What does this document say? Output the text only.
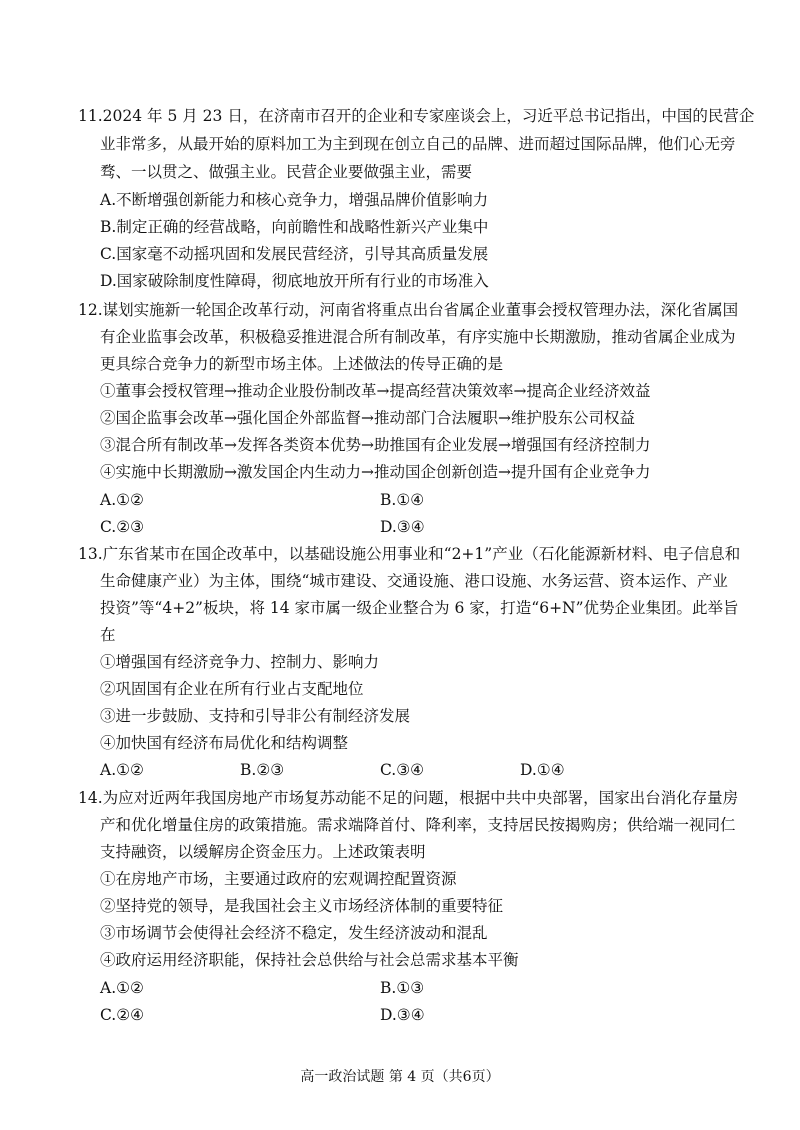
11.2024 年 5 月 23 日，在济南市召开的企业和专家座谈会上，习近平总书记指出，中国的民营企
业非常多，从最开始的原料加工为主到现在创立自己的品牌、进而超过国际品牌，他们心无旁
骛、一以贯之、做强主业。民营企业要做强主业，需要
A.不断增强创新能力和核心竞争力，增强品牌价值影响力
B.制定正确的经营战略，向前瞻性和战略性新兴产业集中
C.国家毫不动摇巩固和发展民营经济，引导其高质量发展
D.国家破除制度性障碍，彻底地放开所有行业的市场准入
12.谋划实施新一轮国企改革行动，河南省将重点出台省属企业董事会授权管理办法，深化省属国
有企业监事会改革，积极稳妥推进混合所有制改革，有序实施中长期激励，推动省属企业成为
更具综合竞争力的新型市场主体。上述做法的传导正确的是
①董事会授权管理→推动企业股份制改革→提高经营决策效率→提高企业经济效益
②国企监事会改革→强化国企外部监督→推动部门合法履职→维护股东公司权益
③混合所有制改革→发挥各类资本优势→助推国有企业发展→增强国有经济控制力
④实施中长期激励→激发国企内生动力→推动国企创新创造→提升国有企业竞争力
A.①②	B.①④
C.②③	D.③④
13.广东省某市在国企改革中，以基础设施公用事业和“2+1”产业（石化能源新材料、电子信息和
生命健康产业）为主体，围绕“城市建设、交通设施、港口设施、水务运营、资本运作、产业
投资”等“4+2”板块，将 14 家市属一级企业整合为 6 家，打造“6+N”优势企业集团。此举旨
在
①增强国有经济竞争力、控制力、影响力
②巩固国有企业在所有行业占支配地位
③进一步鼓励、支持和引导非公有制经济发展
④加快国有经济布局优化和结构调整
A.①②	B.②③	C.③④	D.①④
14.为应对近两年我国房地产市场复苏动能不足的问题，根据中共中央部署，国家出台消化存量房
产和优化增量住房的政策措施。需求端降首付、降利率，支持居民按揭购房；供给端一视同仁
支持融资，以缓解房企资金压力。上述政策表明
①在房地产市场，主要通过政府的宏观调控配置资源
②坚持党的领导，是我国社会主义市场经济体制的重要特征
③市场调节会使得社会经济不稳定，发生经济波动和混乱
④政府运用经济职能，保持社会总供给与社会总需求基本平衡
A.①②	B.①③
C.②④	D.③④
高一政治试题 第 4 页（共6页）
